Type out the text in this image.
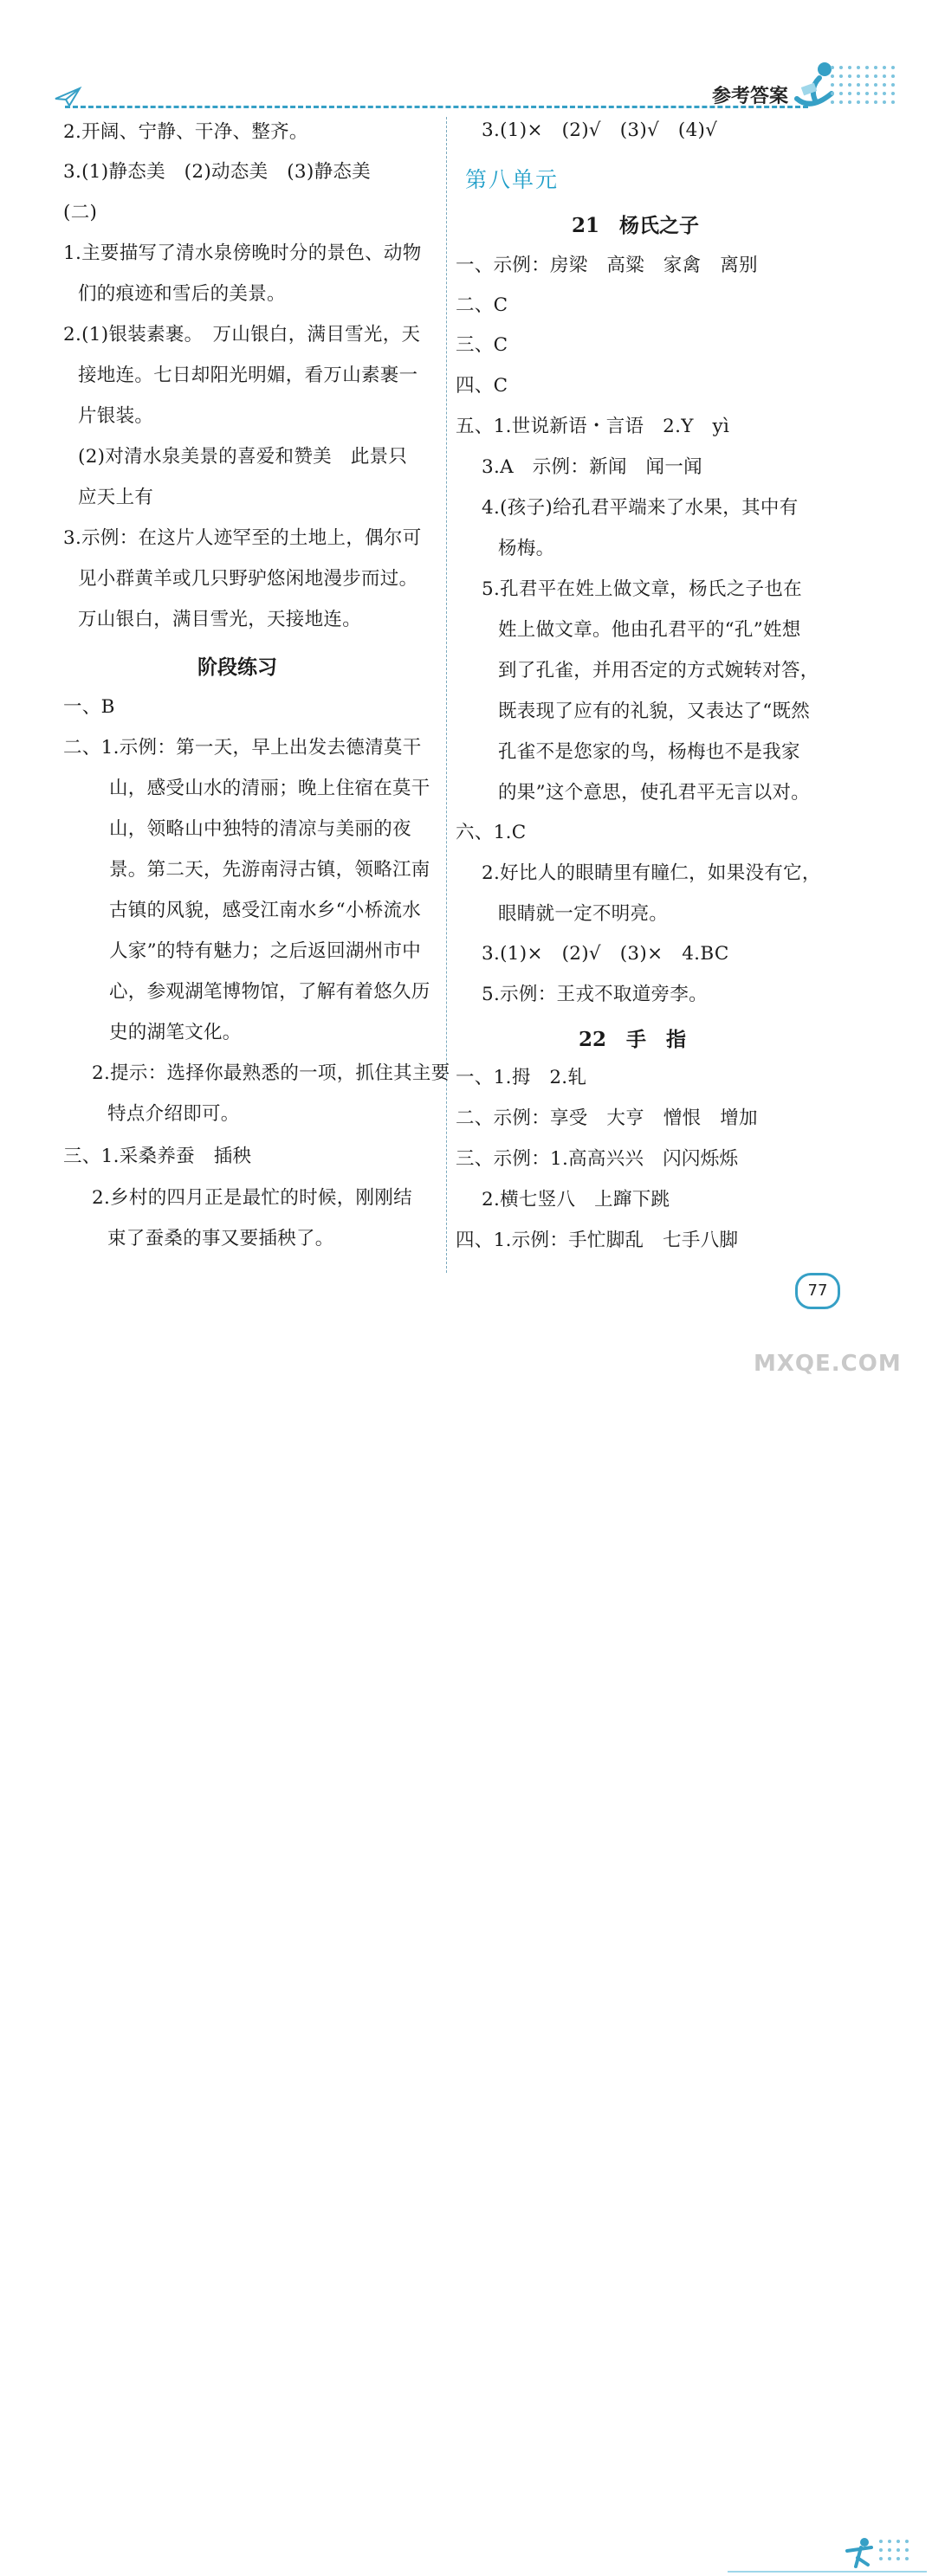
参考答案
2.开阔、宁静、干净、整齐。
3.(1)静态美　(2)动态美　(3)静态美
(二)
1.主要描写了清水泉傍晚时分的景色、动物
们的痕迹和雪后的美景。
2.(1)银装素裹。　万山银白，满目雪光，天
接地连。七日却阳光明媚，看万山素裹一
片银装。
(2)对清水泉美景的喜爱和赞美　此景只
应天上有
3.示例：在这片人迹罕至的土地上，偶尔可
见小群黄羊或几只野驴悠闲地漫步而过。
万山银白，满目雪光，天接地连。
阶段练习
一、B
二、1.示例：第一天，早上出发去德清莫干
山，感受山水的清丽；晚上住宿在莫干
山，领略山中独特的清凉与美丽的夜
景。第二天，先游南浔古镇，领略江南
古镇的风貌，感受江南水乡“小桥流水
人家”的特有魅力；之后返回湖州市中
心，参观湖笔博物馆，了解有着悠久历
史的湖笔文化。
2.提示：选择你最熟悉的一项，抓住其主要
特点介绍即可。
三、1.采桑养蚕　插秧
2.乡村的四月正是最忙的时候，刚刚结
束了蚕桑的事又要插秧了。
3.(1)×　(2)√　(3)√　(4)√
第八单元
21　杨氏之子
一、示例：房梁　高粱　家禽　离别
二、C
三、C
四、C
五、1.世说新语・言语　2.Y　yì
3.A　示例：新闻　闻一闻
4.(孩子)给孔君平端来了水果，其中有
杨梅。
5.孔君平在姓上做文章，杨氏之子也在
姓上做文章。他由孔君平的“孔”姓想
到了孔雀，并用否定的方式婉转对答，
既表现了应有的礼貌，又表达了“既然
孔雀不是您家的鸟，杨梅也不是我家
的果”这个意思，使孔君平无言以对。
六、1.C
2.好比人的眼睛里有瞳仁，如果没有它，
眼睛就一定不明亮。
3.(1)×　(2)√　(3)×　4.BC
5.示例：王戎不取道旁李。
22　手　指
一、1.拇　2.轧
二、示例：享受　大亨　憎恨　增加
三、示例：1.高高兴兴　闪闪烁烁
2.横七竖八　上蹿下跳
四、1.示例：手忙脚乱　七手八脚
77
MXQE.COM
